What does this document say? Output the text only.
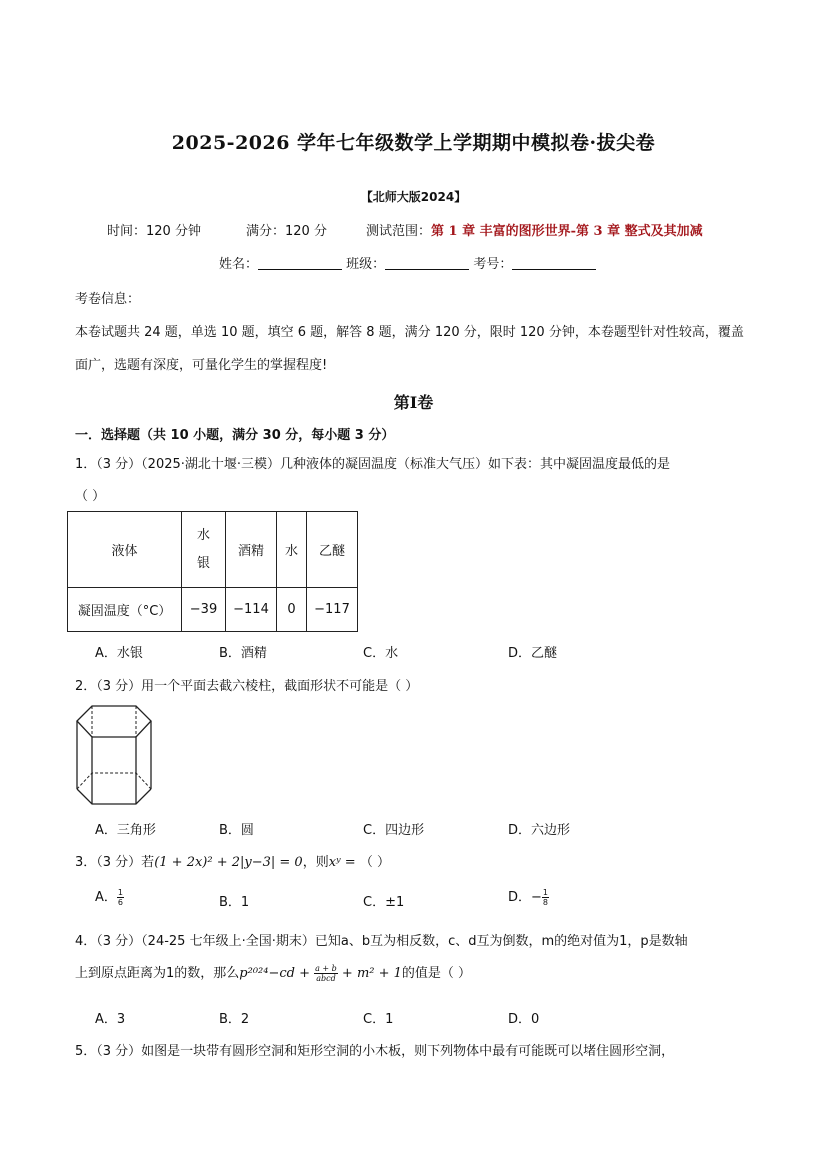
2025-2026 学年七年级数学上学期期中模拟卷·拔尖卷
【北师大版2024】
时间：120 分钟	满分：120 分	测试范围：第 1 章 丰富的图形世界-第 3 章 整式及其加减
姓名：	班级：	考号：
考卷信息：
本卷试题共 24 题，单选 10 题，填空 6 题，解答 8 题，满分 120 分，限时 120 分钟，本卷题型针对性较高，覆盖
面广，选题有深度，可量化学生的掌握程度!
第Ⅰ卷
一．选择题（共 10 小题，满分 30 分，每小题 3 分）
1．（3 分）（2025·湖北十堰·三模）几种液体的凝固温度（标准大气压）如下表：其中凝固温度最低的是
（ ）
液体	水银	酒精	水	乙醚
凝固温度（°C）	−39	−114	0	−117
A．水银	B．酒精	C．水	D．乙醚
2．（3 分）用一个平面去截六棱柱，截面形状不可能是（ ）
A．三角形	B．圆	C．四边形	D．六边形
3．（3 分）若(1 + 2x)² + 2|y−3| = 0，则xʸ = （ ）
A． $\frac{1}{6}$	B．1	C．±1	D．− $\frac{1}{8}$
4．（3 分）（24-25 七年级上·全国·期末）已知a、b互为相反数，c、d互为倒数，m的绝对值为1，p是数轴
上到原点距离为1的数，那么$p^{2024}-cd + \frac{a + b}{\text{abcd}} + m^2 + 1$的值是（ ）
A．3	B．2	C．1	D．0
5．（3 分）如图是一块带有圆形空洞和矩形空洞的小木板，则下列物体中最有可能既可以堵住圆形空洞，
